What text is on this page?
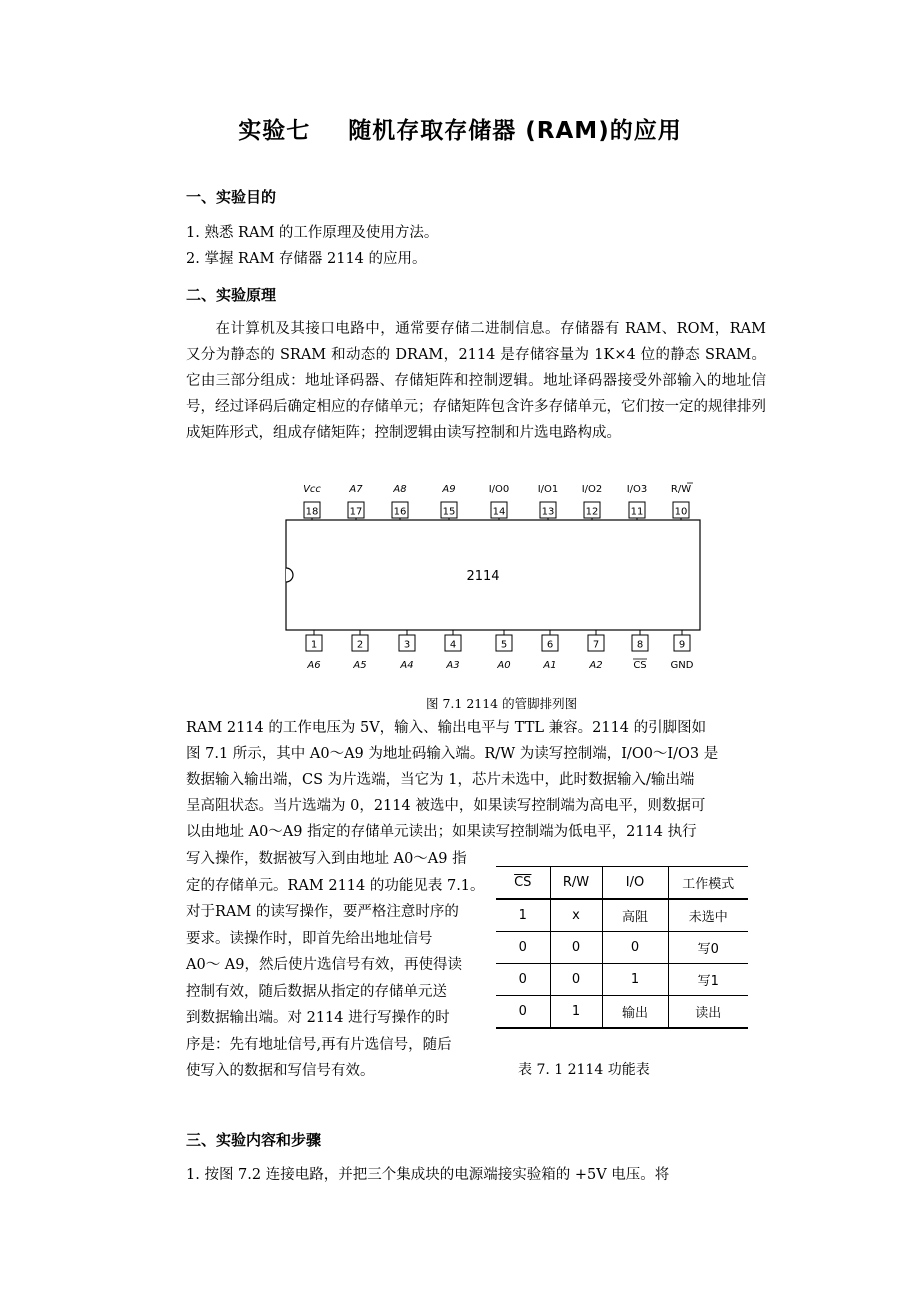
实验七 随机存取存储器 (RAM)的应用
一、实验目的
1. 熟悉 RAM 的工作原理及使用方法。
2. 掌握 RAM 存储器 2114 的应用。
二、实验原理
在计算机及其接口电路中，通常要存储二进制信息。存储器有 RAM、ROM，RAM 又分为静态的 SRAM 和动态的 DRAM，2114 是存储容量为 1K×4 位的静态 SRAM。它由三部分组成：地址译码器、存储矩阵和控制逻辑。地址译码器接受外部输入的地址信号，经过译码后确定相应的存储单元；存储矩阵包含许多存储单元，它们按一定的规律排列成矩阵形式，组成存储矩阵；控制逻辑由读写控制和片选电路构成。
Vcc	A7	A8	A9	I/O0	I/O1 I/O2 I/O3 R/W
18	17	16	15	14	13	12	11	10
2114
1	2	3	4	5	6	7	8	9
A6	A5	A4	A3	A0	A1	A2	CS GND
图 7.1 2114 的管脚排列图
RAM 2114 的工作电压为 5V，输入、输出电平与 TTL 兼容。2114 的引脚图如
图 7.1 所示，其中 A0～A9 为地址码输入端。R/W 为读写控制端，I/O0～I/O3 是
数据输入输出端，CS 为片选端，当它为 1，芯片未选中，此时数据输入/输出端
呈高阻状态。当片选端为 0，2114 被选中，如果读写控制端为高电平，则数据可
以由地址 A0～A9 指定的存储单元读出；如果读写控制端为低电平，2114 执行
写入操作，数据被写入到由地址 A0～A9 指
定的存储单元。RAM 2114 的功能见表 7.1。
对于RAM 的读写操作，要严格注意时序的
要求。读操作时，即首先给出地址信号
A0～ A9，然后使片选信号有效，再使得读
控制有效，随后数据从指定的存储单元送
到数据输出端。对 2114 进行写操作的时
序是：先有地址信号,再有片选信号，随后
使写入的数据和写信号有效。
$\overline{CS}$	R/W	I/O	工作模式
1	x	高阻	未选中
0	0	0	写0
0	0	1	写1
0	1	输出	读出
表 7. 1 2114 功能表
三、实验内容和步骤
1. 按图 7.2 连接电路，并把三个集成块的电源端接实验箱的 +5V 电压。将
